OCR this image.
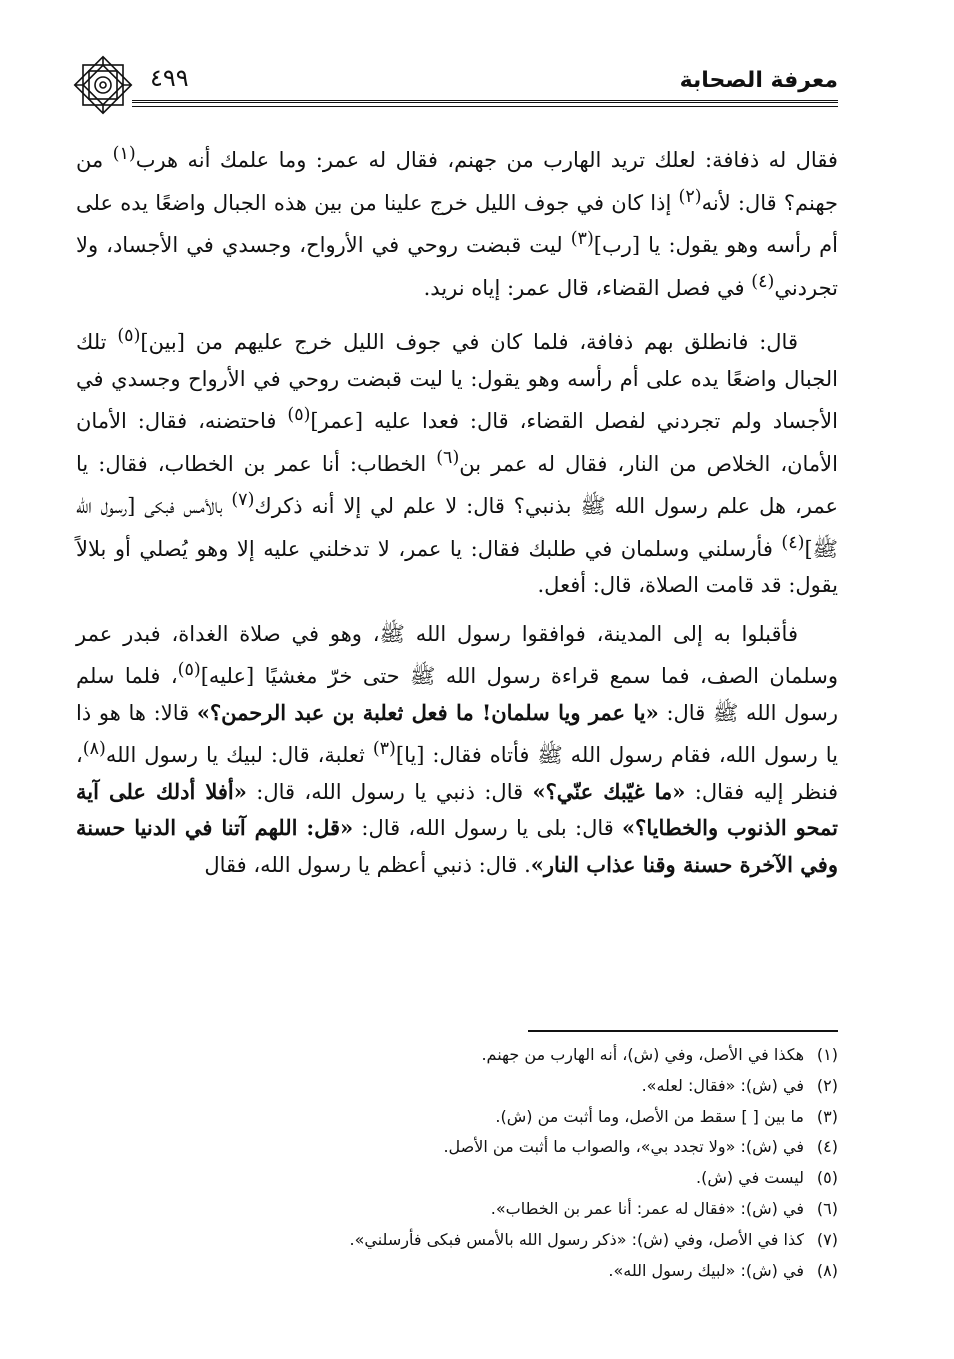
معرفة الصحابة
٤٩٩

فقال له ذفافة: لعلك تريد الهارب من جهنم، فقال له عمر: وما علمك أنه هرب$^{(١)}$ من جهنم؟ قال: لأنه$^{(٢)}$ إذا كان في جوف الليل خرج علينا من بين هذه الجبال واضعًا يده على أم رأسه وهو يقول: يا [رب]$^{(٣)}$ ليت قبضت روحي في الأرواح، وجسدي في الأجساد، ولا تجردني$^{(٤)}$ في فصل القضاء، قال عمر: إياه نريد.

قال: فانطلق بهم ذفافة، فلما كان في جوف الليل خرج عليهم من [بين]$^{(٥)}$ تلك الجبال واضعًا يده على أم رأسه وهو يقول: يا ليت قبضت روحي في الأرواح وجسدي في الأجساد ولم تجردني لفصل القضاء، قال: فعدا عليه [عمر]$^{(٥)}$ فاحتضنه، فقال: الأمان الأمان، الخلاص من النار، فقال له عمر بن$^{(٦)}$ الخطاب: أنا عمر بن الخطاب، فقال: يا عمر، هل علم رسول الله ﷺ بذنبي؟ قال: لا علم لي إلا أنه ذكرك$^{(٧)}$ بالأمس فبكى [رسول الله ﷺ]$^{(٤)}$ فأرسلني وسلمان في طلبك فقال: يا عمر، لا تدخلني عليه إلا وهو يُصلي أو بلالاً يقول: قد قامت الصلاة، قال: أفعل.

فأقبلوا به إلى المدينة، فوافقوا رسول الله ﷺ، وهو في صلاة الغداة، فبدر عمر وسلمان الصف، فما سمع قراءة رسول الله ﷺ حتى خرّ مغشيًا [عليه]$^{(٥)}$، فلما سلم رسول الله ﷺ قال: «يا عمر ويا سلمان! ما فعل ثعلبة بن عبد الرحمن؟» قالا: ها هو ذا يا رسول الله، فقام رسول الله ﷺ فأتاه فقال: [يا]$^{(٣)}$ ثعلبة، قال: لبيك يا رسول الله$^{(٨)}$، فنظر إليه فقال: «ما غيّبك عنّي؟» قال: ذنبي يا رسول الله، قال: «أفلا أدلك على آية تمحو الذنوب والخطايا؟» قال: بلى يا رسول الله، قال: «قل: اللهم آتنا في الدنيا حسنة وفي الآخرة حسنة وقنا عذاب النار». قال: ذنبي أعظم يا رسول الله، فقال

(١)هكذا في الأصل، وفي (ش)، أنه الهارب من جهنم.
(٢)في (ش): «فقال: لعله».
(٣)ما بين [ ] سقط من الأصل، وما أثبت من (ش).
(٤)في (ش): «ولا تجدد بي»، والصواب ما أثبت من الأصل.
(٥)ليست في (ش).
(٦)في (ش): «فقال له عمر: أنا عمر بن الخطاب».
(٧)كذا في الأصل، وفي (ش): «ذكر رسول الله بالأمس فبكى فأرسلني».
(٨)في (ش): «لبيك رسول الله».
